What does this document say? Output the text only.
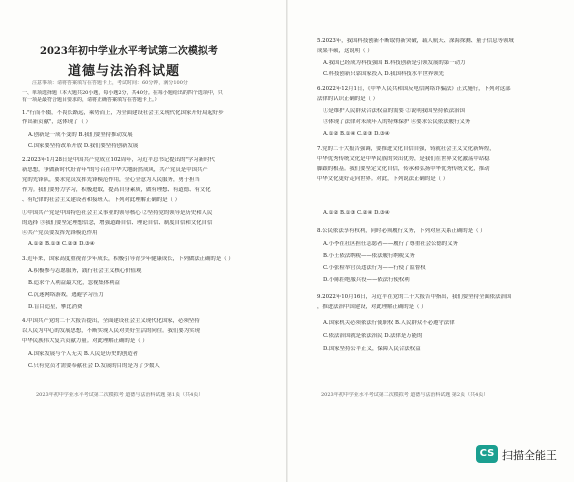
2023年初中学业水平考试第二次模拟考
道德与法治科试题
注意事项：请将答案填写在答题卡上，考试时间：60分钟，满分100分
一、单项选择题（本大题共20小题，每小题2分，共40分。在每小题给出的四个选项中，只
有一项是最符合题目要求的，请将正确答案填写在答题卡上。）
1."行而不辍，不畏长路远，乘势而上，为全面建设社会主义现代化国家开好局起好步
作出新贡献"，这体现了（ ）
A.创新是一成不变的 B.我们要坚持推动发展
C.国家要坚持改革开放 D.我们要坚持创新发展
2.2023年1月28日是中国共产党成立102周年，习近平总书记提出的"学习新时代
新思想，争做新时代好青年"的号召在中华大地蔚然成风，共产党员是中国共产
党的先锋队，要求党员发挥先锋模范作用，全心全意为人民服务，勇于担当
作为。我们要努力学习，积极进取，提高自身素质，做有理想、有道德、有文化
、有纪律的社会主义建设者和接班人。下列对此理解正确的是（ ）
①中国共产党是中国特色社会主义事业的领导核心 ②坚持党的领导是历史和人民
的选择 ③我们要坚定理想信念，增强道路自信、理论自信、制度自信和文化自信
④共产党员要发挥先锋模范作用
A.①② B.①③ C.②③ D.③④
3.近年来，国家高度重视青少年成长，积极引导青少年健康成长，下列做法正确的是（ ）
A.积极参与志愿服务，践行社会主义核心价值观
B.追求个人利益最大化，忽视集体利益
C.沉迷网络游戏，逃避学习压力
D.盲目追星，攀比消费
4.中国共产党的二十大报告提出，全面建设社会主义现代化国家，必须坚持
以人民为中心的发展思想，不断实现人民对美好生活的向往。我们要为实现
中华民族伟大复兴贡献力量。对此理解正确的是（ ）
A.国家发展与个人无关 B.人民是历史的创造者
C.只有党员才需要奉献社会 D.发展的目的是为了少数人
2023年初中学业水平考试第二次模拟考 道德与法治科试题 第1页（共4页）
5.2023年，我国科技创新不断取得新突破，载人航天、深海探测、量子信息等领域
成果丰硕，这说明（ ）
A.我国已经成为科技强国 B.科技创新是引领发展的第一动力
C.科技创新只靠国家投入 D.我国科技水平世界领先
6.2022年12月1日，《中华人民共和国反电信网络诈骗法》正式施行，下列对这部
法律的认识正确的是（ ）
①是维护人民群众合法权益的需要 ②说明我国坚持依法治国
③体现了法律对未成年人的特殊保护 ④要求公民依法履行义务
A.①② B.①④ C.②③ D.③④
7.党的二十大报告强调，要推进文化自信自强，铸就社会主义文化新辉煌，
中华优秀传统文化是中华民族的突出优势，是我们在世界文化激荡中站稳
脚跟的根基。我们要坚定文化自信，传承和弘扬中华优秀传统文化，推动
中华文化更好走向世界。对此，下列说法正确的是（ ）
A.①② B.①③ C.②④ D.③④
8.公民依法享有权利，同时必须履行义务，下列对应关系正确的是（ ）
A.小李在社区担任志愿者——履行了尊重社会公德的义务
B.小王依法纳税——依法履行纳税义务
C.小张检举官员违法行为——行使了监督权
D.小陈拒绝服兵役——依法行使权利
9.2022年10月16日，习近平在党的二十大报告中指出，我们要坚持全面依法治国
，推进法治中国建设，对此理解正确的是（ ）
A.国家机关必须依法行使职权 B.人民群众不必遵守法律
C.依法治国就是依法治民 D.法律是万能的
D.国家坚持公平正义，保障人民合法权益
2023年初中学业水平考试第二次模拟考 道德与法治科试题 第2页（共4页）
CS 扫描全能王
